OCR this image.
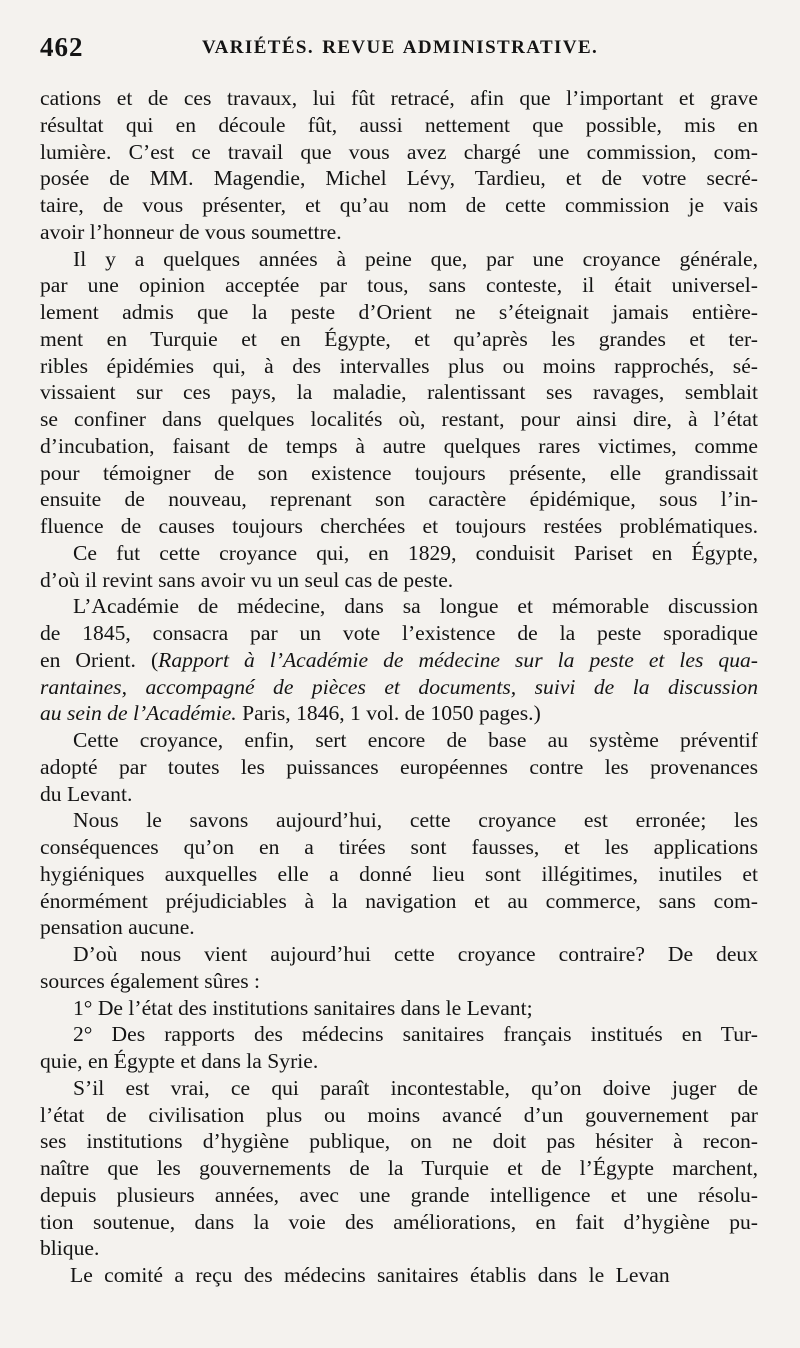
462	VARIÉTÉS. REVUE ADMINISTRATIVE.
cations et de ces travaux, lui fût retracé, afin que l’important et grave
résultat qui en découle fût, aussi nettement que possible, mis en
lumière. C’est ce travail que vous avez chargé une commission, com-
posée de MM. Magendie, Michel Lévy, Tardieu, et de votre secré-
taire, de vous présenter, et qu’au nom de cette commission je vais
avoir l’honneur de vous soumettre.
Il y a quelques années à peine que, par une croyance générale,
par une opinion acceptée par tous, sans conteste, il était universel-
lement admis que la peste d’Orient ne s’éteignait jamais entière-
ment en Turquie et en Égypte, et qu’après les grandes et ter-
ribles épidémies qui, à des intervalles plus ou moins rapprochés, sé-
vissaient sur ces pays, la maladie, ralentissant ses ravages, semblait
se confiner dans quelques localités où, restant, pour ainsi dire, à l’état
d’incubation, faisant de temps à autre quelques rares victimes, comme
pour témoigner de son existence toujours présente, elle grandissait
ensuite de nouveau, reprenant son caractère épidémique, sous l’in-
fluence de causes toujours cherchées et toujours restées problématiques.
Ce fut cette croyance qui, en 1829, conduisit Pariset en Égypte,
d’où il revint sans avoir vu un seul cas de peste.
L’Académie de médecine, dans sa longue et mémorable discussion
de 1845, consacra par un vote l’existence de la peste sporadique
en Orient. (Rapport à l’Académie de médecine sur la peste et les qua-
rantaines, accompagné de pièces et documents, suivi de la discussion
au sein de l’Académie. Paris, 1846, 1 vol. de 1050 pages.)
Cette croyance, enfin, sert encore de base au système préventif
adopté par toutes les puissances européennes contre les provenances
du Levant.
Nous le savons aujourd’hui, cette croyance est erronée; les
conséquences qu’on en a tirées sont fausses, et les applications
hygiéniques auxquelles elle a donné lieu sont illégitimes, inutiles et
énormément préjudiciables à la navigation et au commerce, sans com-
pensation aucune.
D’où nous vient aujourd’hui cette croyance contraire? De deux
sources également sûres :
1° De l’état des institutions sanitaires dans le Levant;
2° Des rapports des médecins sanitaires français institués en Tur-
quie, en Égypte et dans la Syrie.
S’il est vrai, ce qui paraît incontestable, qu’on doive juger de
l’état de civilisation plus ou moins avancé d’un gouvernement par
ses institutions d’hygiène publique, on ne doit pas hésiter à recon-
naître que les gouvernements de la Turquie et de l’Égypte marchent,
depuis plusieurs années, avec une grande intelligence et une résolu-
tion soutenue, dans la voie des améliorations, en fait d’hygiène pu-
blique.
Le comité a reçu des médecins sanitaires établis dans le Levan
